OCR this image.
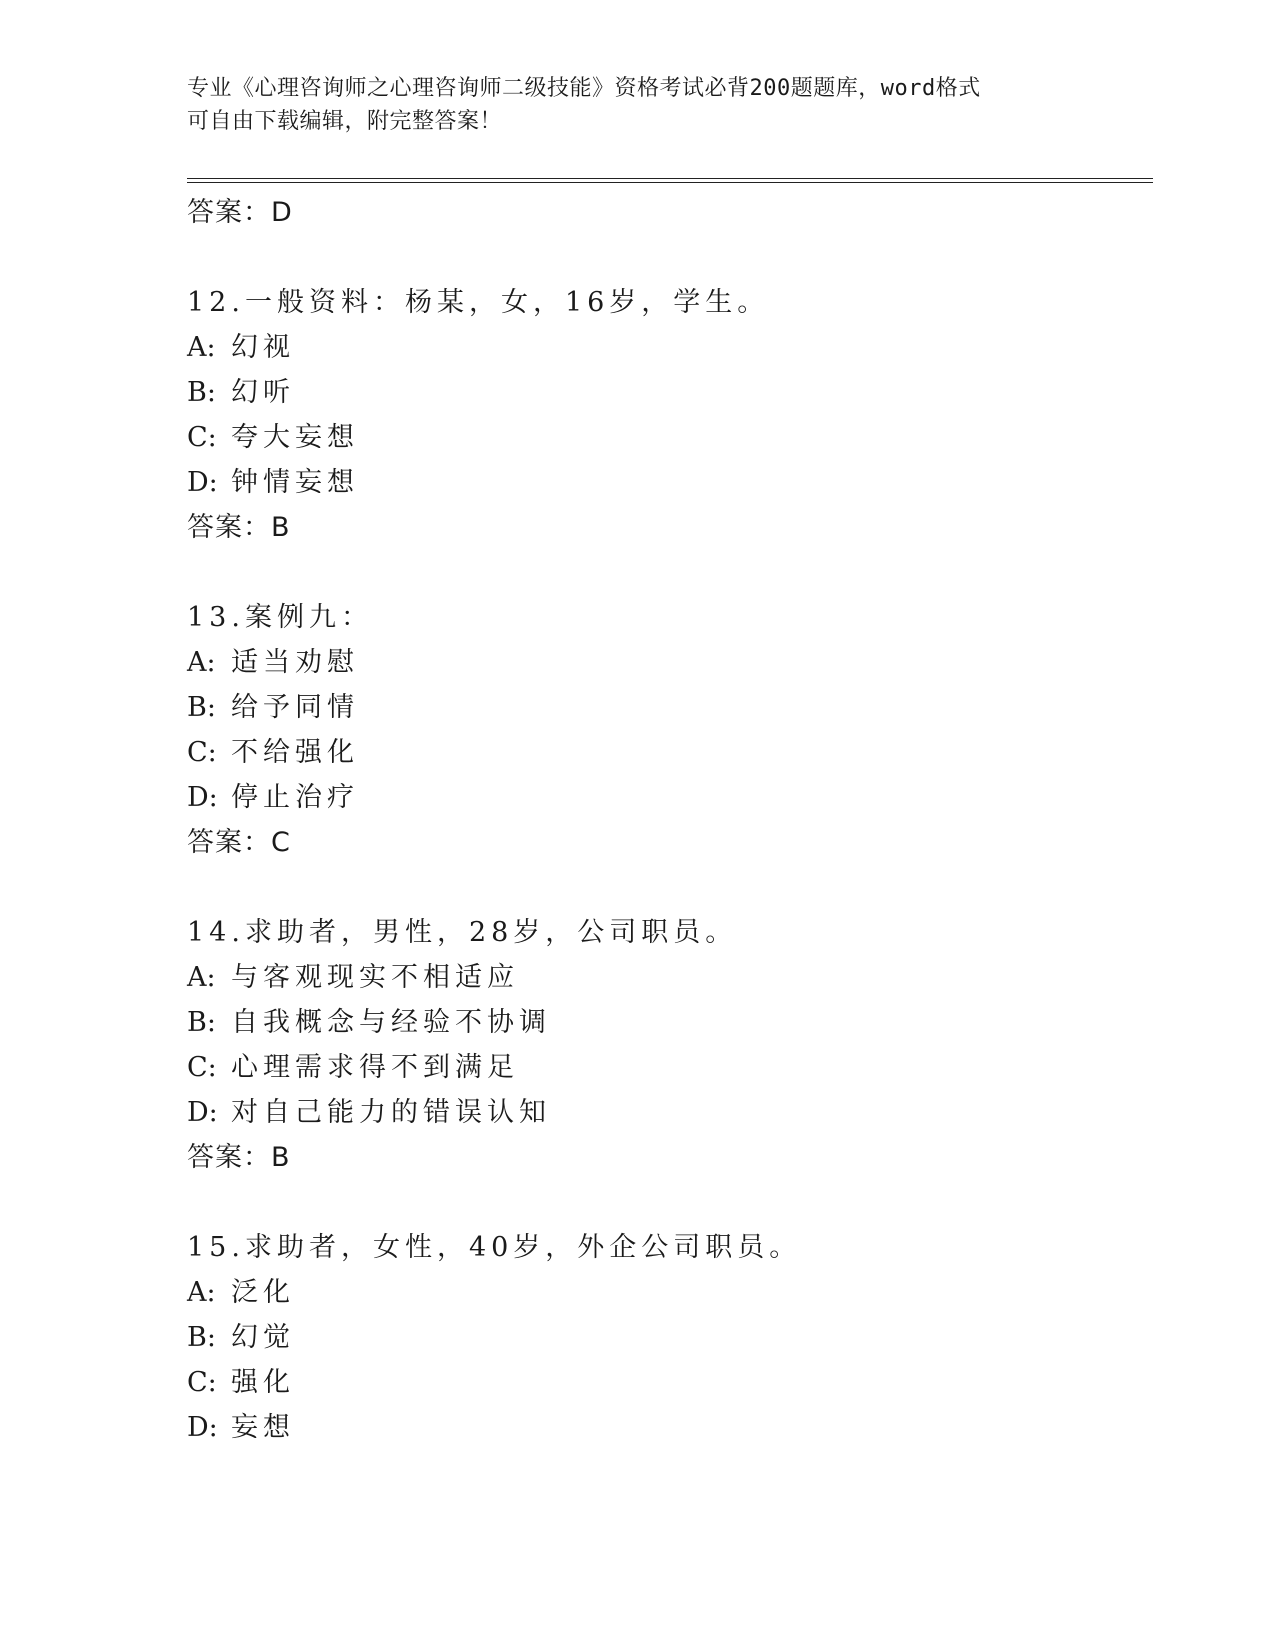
专业《心理咨询师之心理咨询师二级技能》资格考试必背200题题库，word格式
可自由下载编辑，附完整答案！
答案：D
12.一般资料：杨某，女，16岁，学生。
A: 幻视
B: 幻听
C: 夸大妄想
D: 钟情妄想
答案：B
13.案例九：
A: 适当劝慰
B: 给予同情
C: 不给强化
D: 停止治疗
答案：C
14.求助者，男性，28岁，公司职员。
A: 与客观现实不相适应
B: 自我概念与经验不协调
C: 心理需求得不到满足
D: 对自己能力的错误认知
答案：B
15.求助者，女性，40岁，外企公司职员。
A: 泛化
B: 幻觉
C: 强化
D: 妄想
